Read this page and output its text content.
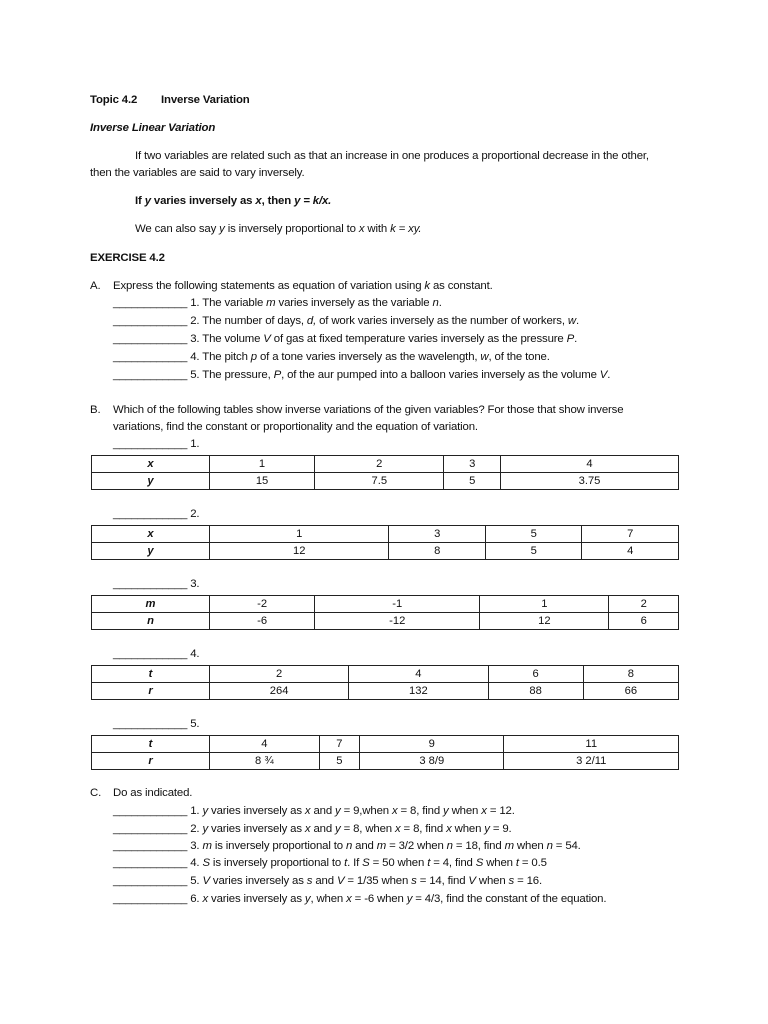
Topic 4.2 Inverse Variation
Inverse Linear Variation
If two variables are related such as that an increase in one produces a proportional decrease in the other,
then the variables are said to vary inversely.
If y varies inversely as x, then y = k/x.
We can also say y is inversely proportional to x with k = xy.
EXERCISE 4.2
A. Express the following statements as equation of variation using k as constant.
____________ 1. The variable m varies inversely as the variable n.
____________ 2. The number of days, d, of work varies inversely as the number of workers, w.
____________ 3. The volume V of gas at fixed temperature varies inversely as the pressure P.
____________ 4. The pitch p of a tone varies inversely as the wavelength, w, of the tone.
____________ 5. The pressure, P, of the aur pumped into a balloon varies inversely as the volume V.
B. Which of the following tables show inverse variations of the given variables? For those that show inverse
variations, find the constant or proportionality and the equation of variation.
____________ 1.
x	1	2	3	4
y	15	7.5	5	3.75
____________ 2.
x	1	3	5	7
y	12	8	5	4
____________ 3.
m	-2	-1	1	2
n	-6	-12	12	6
____________ 4.
t	2	4	6	8
r	264	132	88	66
____________ 5.
t	4	7	9	11
r	8 ¾	5	3 8/9	3 2/11
C. Do as indicated.
____________ 1. y varies inversely as x and y = 9,when x = 8, find y when x = 12.
____________ 2. y varies inversely as x and y = 8, when x = 8, find x when y = 9.
____________ 3. m is inversely proportional to n and m = 3/2 when n = 18, find m when n = 54.
____________ 4. S is inversely proportional to t. If S = 50 when t = 4, find S when t = 0.5
____________ 5. V varies inversely as s and V = 1/35 when s = 14, find V when s = 16.
____________ 6. x varies inversely as y, when x = -6 when y = 4/3, find the constant of the equation.
